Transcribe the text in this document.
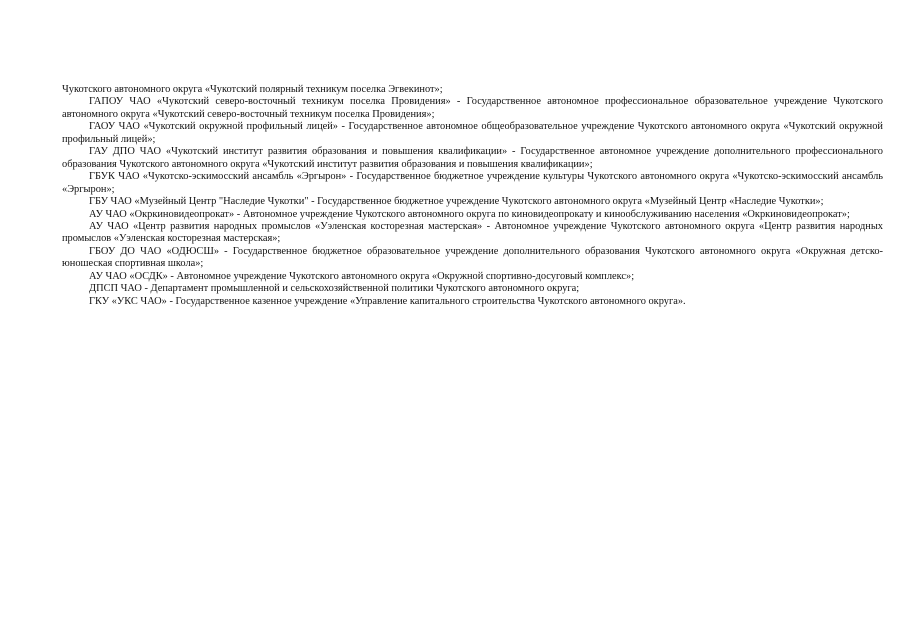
Чукотского автономного округа «Чукотский полярный техникум поселка Эгвекинот»;

ГАПОУ ЧАО «Чукотский северо-восточный техникум поселка Провидения» - Государственное автономное профессиональное образовательное учреждение Чукотского автономного округа «Чукотский северо-восточный техникум поселка Провидения»;

ГАОУ ЧАО «Чукотский окружной профильный лицей» - Государственное автономное общеобразовательное учреждение Чукотского автономного округа «Чукотский окружной профильный лицей»;

ГАУ ДПО ЧАО «Чукотский институт развития образования и повышения квалификации» - Государственное автономное учреждение дополнительного профессионального образования Чукотского автономного округа «Чукотский институт развития образования и повышения квалификации»;

ГБУК ЧАО «Чукотско-эскимосский ансамбль «Эргырон» - Государственное бюджетное учреждение культуры Чукотского автономного округа «Чукотско-эскимосский ансамбль «Эргырон»;

ГБУ ЧАО «Музейный Центр "Наследие Чукотки" - Государственное бюджетное учреждение Чукотского автономного округа «Музейный Центр «Наследие Чукотки»;

АУ ЧАО «Окркиновидеопрокат» - Автономное учреждение Чукотского автономного округа по киновидеопрокату и кинообслуживанию населения «Окркиновидеопрокат»;

АУ ЧАО «Центр развития народных промыслов «Уэленская косторезная мастерская» - Автономное учреждение Чукотского автономного округа «Центр развития народных промыслов «Уэленская косторезная мастерская»;

ГБОУ ДО ЧАО «ОДЮСШ» - Государственное бюджетное образовательное учреждение дополнительного образования Чукотского автономного округа «Окружная детско-юношеская спортивная школа»;

АУ ЧАО «ОСДК» - Автономное учреждение Чукотского автономного округа «Окружной спортивно-досуговый комплекс»;

ДПСП ЧАО - Департамент промышленной и сельскохозяйственной политики Чукотского автономного округа;

ГКУ «УКС ЧАО» - Государственное казенное учреждение «Управление капитального строительства Чукотского автономного округа».
